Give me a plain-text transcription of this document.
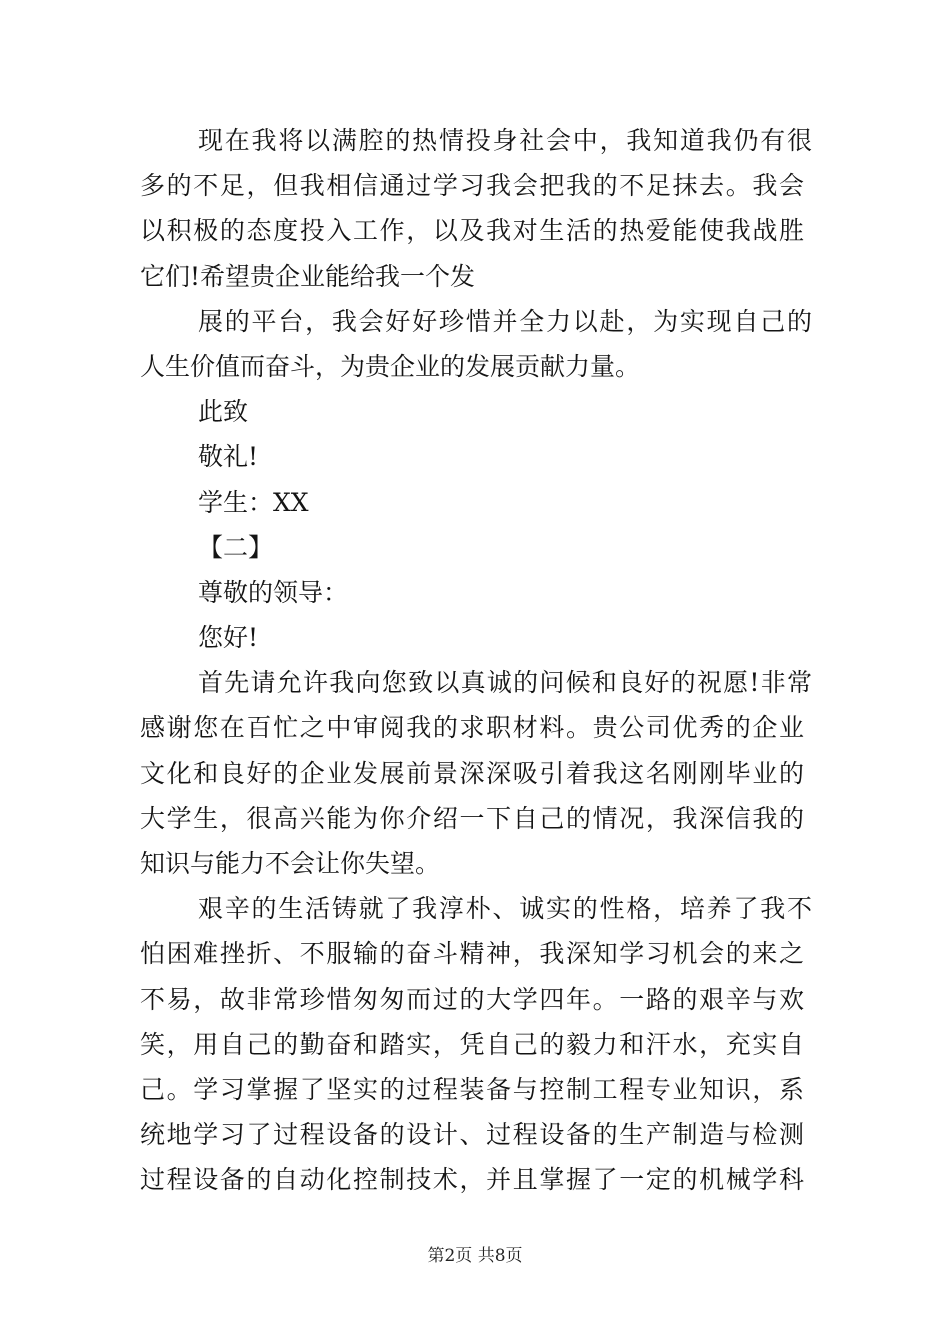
现在我将以满腔的热情投身社会中，我知道我仍有很
多的不足，但我相信通过学习我会把我的不足抹去。我会
以积极的态度投入工作，以及我对生活的热爱能使我战胜
它们!希望贵企业能给我一个发
展的平台，我会好好珍惜并全力以赴，为实现自己的
人生价值而奋斗，为贵企业的发展贡献力量。
此致
敬礼!
学生：XX
【二】
尊敬的领导：
您好!
首先请允许我向您致以真诚的问候和良好的祝愿!非常
感谢您在百忙之中审阅我的求职材料。贵公司优秀的企业
文化和良好的企业发展前景深深吸引着我这名刚刚毕业的
大学生，很高兴能为你介绍一下自己的情况，我深信我的
知识与能力不会让你失望。
艰辛的生活铸就了我淳朴、诚实的性格，培养了我不
怕困难挫折、不服输的奋斗精神，我深知学习机会的来之
不易，故非常珍惜匆匆而过的大学四年。一路的艰辛与欢
笑，用自己的勤奋和踏实，凭自己的毅力和汗水，充实自
己。学习掌握了坚实的过程装备与控制工程专业知识，系
统地学习了过程设备的设计、过程设备的生产制造与检测
过程设备的自动化控制技术，并且掌握了一定的机械学科
第2页 共8页
